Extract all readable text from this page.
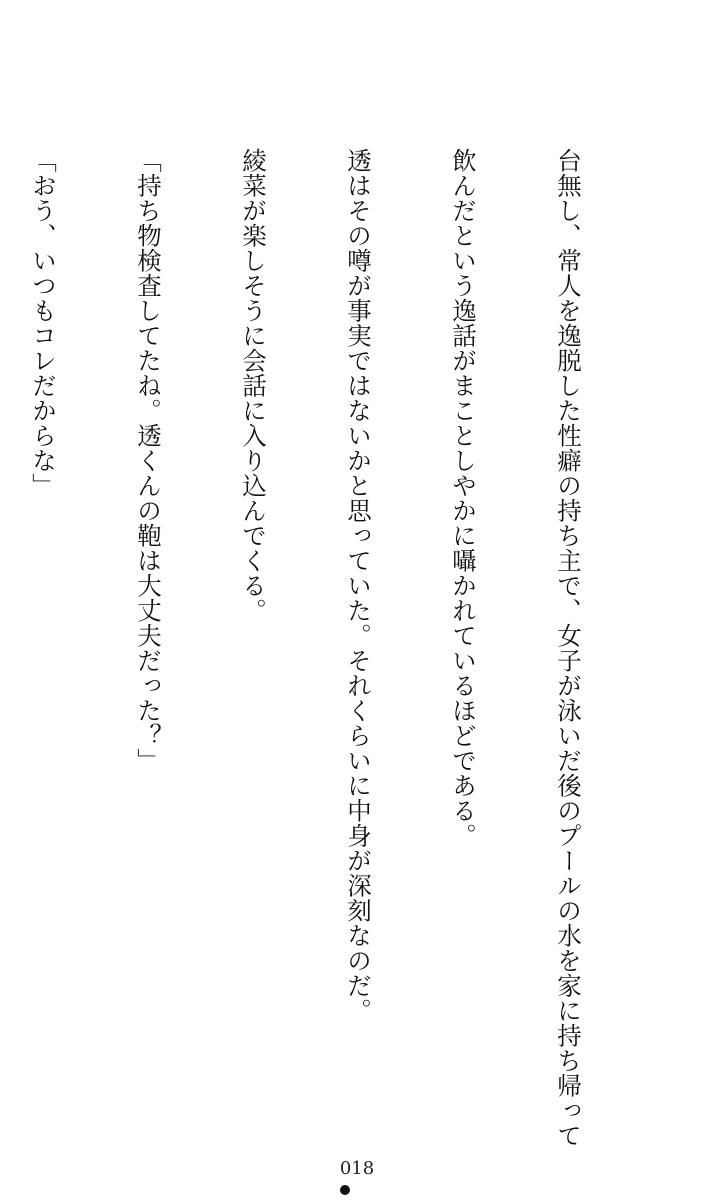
台無し、常人を逸脱した性癖の持ち主で、女子が泳いだ後のプールの水を家に持ち帰って

飲んだという逸話がまことしやかに囁かれているほどである。

透はその噂が事実ではないかと思っていた。それくらいに中身が深刻なのだ。

綾菜が楽しそうに会話に入り込んでくる。

「持ち物検査してたね。透くんの鞄は大丈夫だった？」

「おう、いつもコレだからな」

018
